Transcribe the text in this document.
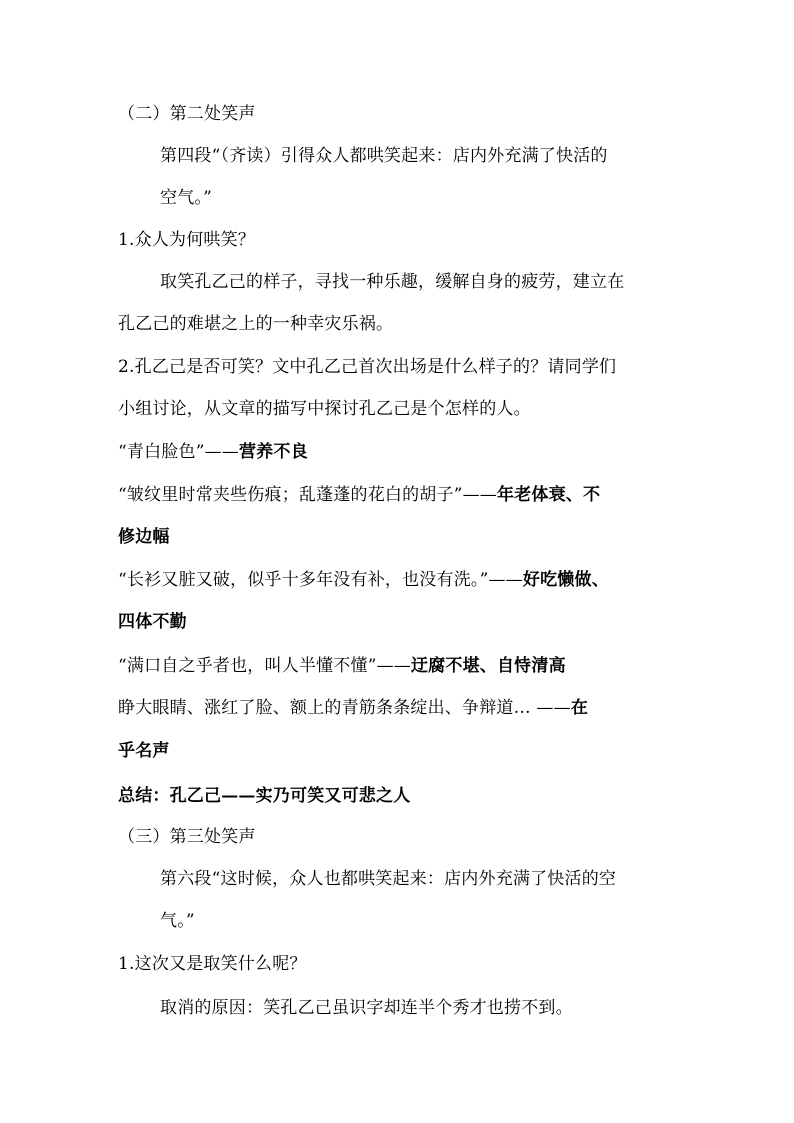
（二）第二处笑声
第四段“（齐读）引得众人都哄笑起来：店内外充满了快活的
空气。”
1.众人为何哄笑？
取笑孔乙己的样子，寻找一种乐趣，缓解自身的疲劳，建立在
孔乙己的难堪之上的一种幸灾乐祸。
2.孔乙己是否可笑？文中孔乙己首次出场是什么样子的？请同学们
小组讨论，从文章的描写中探讨孔乙己是个怎样的人。
“青白脸色”——营养不良
“皱纹里时常夹些伤痕；乱蓬蓬的花白的胡子”——年老体衰、不
修边幅
“长衫又脏又破，似乎十多年没有补，也没有洗。”——好吃懒做、
四体不勤
“满口自之乎者也，叫人半懂不懂”——迂腐不堪、自恃清高
睁大眼睛、涨红了脸、额上的青筋条条绽出、争辩道… ——在
乎名声
总结：孔乙己——实乃可笑又可悲之人
（三）第三处笑声
第六段“这时候，众人也都哄笑起来：店内外充满了快活的空
气。”
1.这次又是取笑什么呢？
取消的原因：笑孔乙己虽识字却连半个秀才也捞不到。
